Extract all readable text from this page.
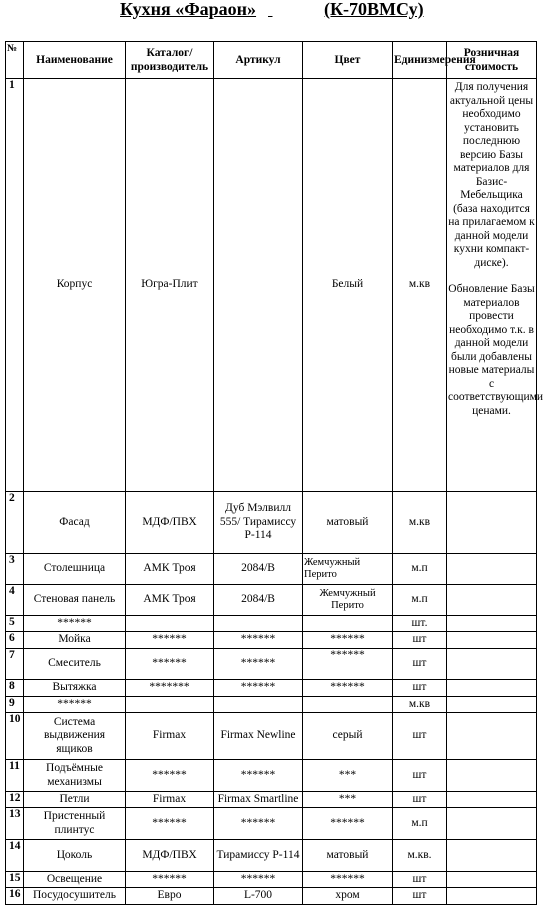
Кухня «Фараон»
	(К-70ВМСу)
№	Наименование	Каталог/ производитель	Артикул	Цвет	Единизмерения	Розничная стоимость
1	Корпус	Югра-Плит		Белый	м.кв	Для получения актуальной цены необходимо установить последнюю версию Базы материалов для Базис-Мебельщика (база находится на прилагаемом к данной модели кухни компакт-диске).
Обновление Базы материалов провести необходимо т.к. в данной модели были добавлены новые материалы с соответствующими ценами.

2	Фасад	МДФ/ПВХ	Дуб Мэлвилл 555/ Тирамиссу Р-114	матовый	м.кв	
3	Столешница	АМК Троя	2084/В	Жемчужный Перито	м.п	
4	Стеновая панель	АМК Троя	2084/В	Жемчужный Перито	м.п	
5	******				шт.	
6	Мойка	******	******	******	шт	
7	Смеситель	******	******	******	шт	
8	Вытяжка	*******	******	******	шт	
9	******				м.кв	
10	Система выдвижения ящиков	Firmax	Firmax Newline	серый	шт	
11	Подъёмные механизмы	******	******	***	шт	
12	Петли	Firmax	Firmax Smartline	***	шт	
13	Пристенный плинтус	******	******	******	м.п	
14	Цоколь	МДФ/ПВХ	Тирамиссу Р-114	матовый	м.кв.	
15	Освещение	******	******	******	шт	
16	Посудосушитель	Евро	L-700	хром	шт	
